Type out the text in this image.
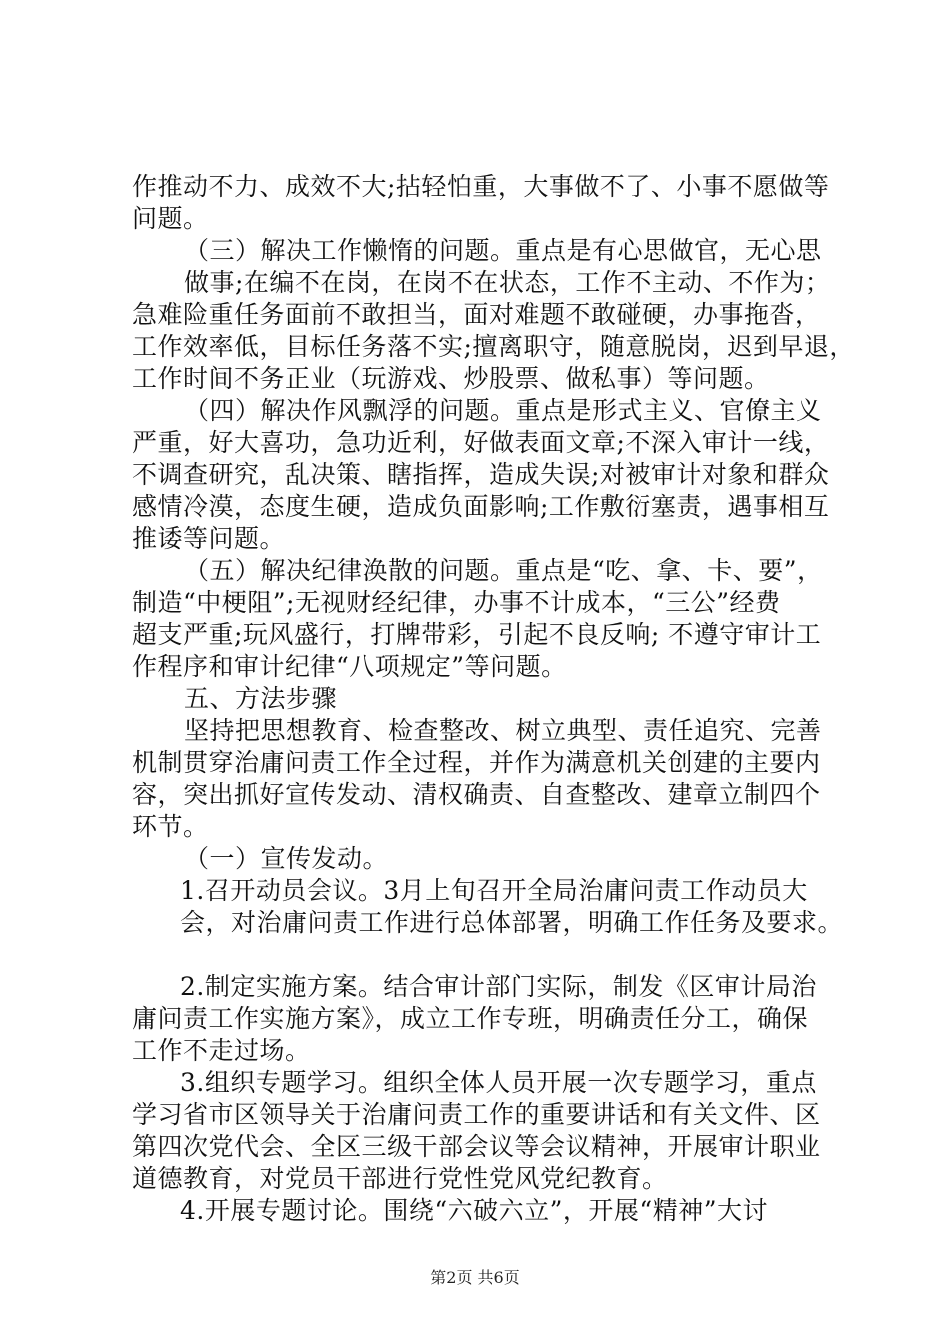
作推动不力、成效不大;拈轻怕重，大事做不了、小事不愿做等
问题。
（三）解决工作懒惰的问题。重点是有心思做官，无心思
做事;在编不在岗，在岗不在状态，工作不主动、不作为；
急难险重任务面前不敢担当，面对难题不敢碰硬，办事拖沓，
工作效率低，目标任务落不实;擅离职守，随意脱岗，迟到早退，
工作时间不务正业（玩游戏、炒股票、做私事）等问题。
（四）解决作风飘浮的问题。重点是形式主义、官僚主义
严重，好大喜功，急功近利，好做表面文章;不深入审计一线，
不调查研究，乱决策、瞎指挥，造成失误;对被审计对象和群众
感情冷漠，态度生硬，造成负面影响;工作敷衍塞责，遇事相互
推诿等问题。
（五）解决纪律涣散的问题。重点是“吃、拿、卡、要”，
制造“中梗阻”;无视财经纪律，办事不计成本，“三公”经费
超支严重;玩风盛行，打牌带彩，引起不良反响; 不遵守审计工
作程序和审计纪律“八项规定”等问题。
五、方法步骤
坚持把思想教育、检查整改、树立典型、责任追究、完善
机制贯穿治庸问责工作全过程，并作为满意机关创建的主要内
容，突出抓好宣传发动、清权确责、自查整改、建章立制四个
环节。
（一）宣传发动。
1.召开动员会议。3月上旬召开全局治庸问责工作动员大
会，对治庸问责工作进行总体部署，明确工作任务及要求。
2.制定实施方案。结合审计部门实际，制发《区审计局治
庸问责工作实施方案》，成立工作专班，明确责任分工，确保
工作不走过场。
3.组织专题学习。组织全体人员开展一次专题学习，重点
学习省市区领导关于治庸问责工作的重要讲话和有关文件、区
第四次党代会、全区三级干部会议等会议精神，开展审计职业
道德教育，对党员干部进行党性党风党纪教育。
4.开展专题讨论。围绕“六破六立”，开展“精神”大讨
第2页 共6页
